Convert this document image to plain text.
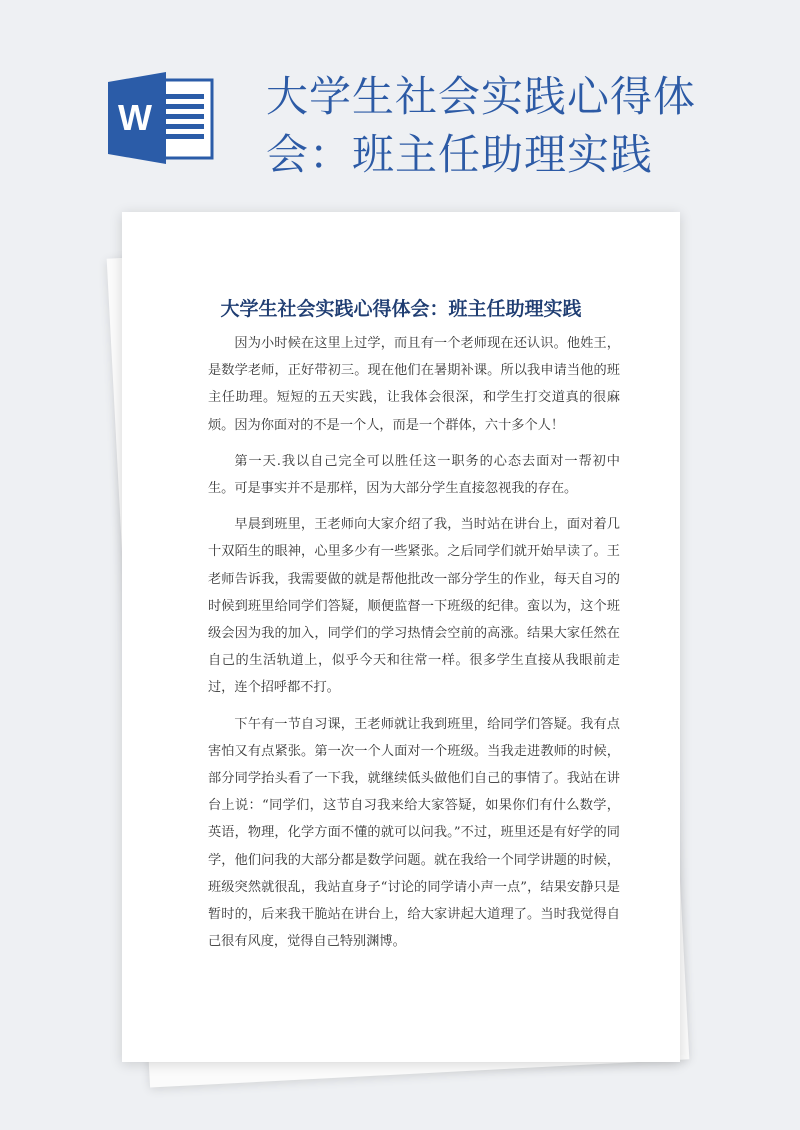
W	大学生社会实践心得体会：班主任助理实践
大学生社会实践心得体会：班主任助理实践

因为小时候在这里上过学，而且有一个老师现在还认识。他姓王，是数学老师，正好带初三。现在他们在暑期补课。所以我申请当他的班主任助理。短短的五天实践，让我体会很深，和学生打交道真的很麻烦。因为你面对的不是一个人，而是一个群体，六十多个人！

第一天.我以自己完全可以胜任这一职务的心态去面对一帮初中生。可是事实并不是那样，因为大部分学生直接忽视我的存在。

早晨到班里，王老师向大家介绍了我，当时站在讲台上，面对着几十双陌生的眼神，心里多少有一些紧张。之后同学们就开始早读了。王老师告诉我，我需要做的就是帮他批改一部分学生的作业，每天自习的时候到班里给同学们答疑，顺便监督一下班级的纪律。蛮以为，这个班级会因为我的加入，同学们的学习热情会空前的高涨。结果大家任然在自己的生活轨道上，似乎今天和往常一样。很多学生直接从我眼前走过，连个招呼都不打。

下午有一节自习课，王老师就让我到班里，给同学们答疑。我有点害怕又有点紧张。第一次一个人面对一个班级。当我走进教师的时候，部分同学抬头看了一下我，就继续低头做他们自己的事情了。我站在讲台上说：“同学们，这节自习我来给大家答疑，如果你们有什么数学，英语，物理，化学方面不懂的就可以问我。”不过，班里还是有好学的同学，他们问我的大部分都是数学问题。就在我给一个同学讲题的时候，班级突然就很乱，我站直身子“讨论的同学请小声一点”，结果安静只是暂时的，后来我干脆站在讲台上，给大家讲起大道理了。当时我觉得自己很有风度，觉得自己特别渊博。
